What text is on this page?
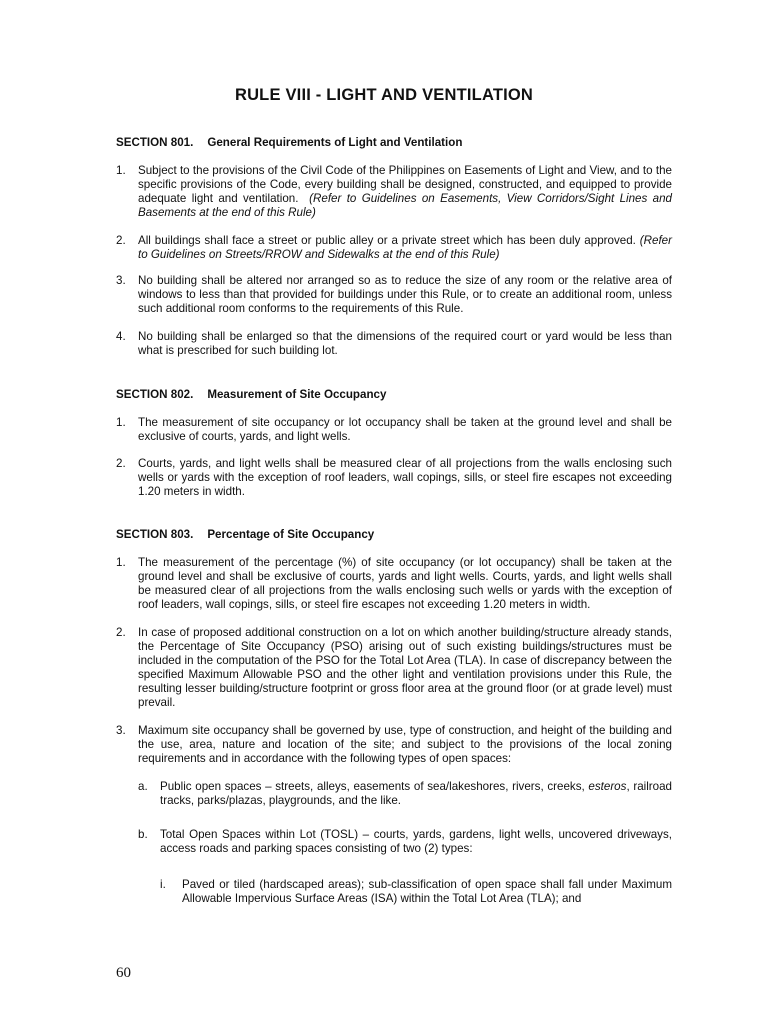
RULE VIII - LIGHT AND VENTILATION
SECTION 801. General Requirements of Light and Ventilation
1. Subject to the provisions of the Civil Code of the Philippines on Easements of Light and View, and to the specific provisions of the Code, every building shall be designed, constructed, and equipped to provide adequate light and ventilation. (Refer to Guidelines on Easements, View Corridors/Sight Lines and Basements at the end of this Rule)
2. All buildings shall face a street or public alley or a private street which has been duly approved. (Refer to Guidelines on Streets/RROW and Sidewalks at the end of this Rule)
3. No building shall be altered nor arranged so as to reduce the size of any room or the relative area of windows to less than that provided for buildings under this Rule, or to create an additional room, unless such additional room conforms to the requirements of this Rule.
4. No building shall be enlarged so that the dimensions of the required court or yard would be less than what is prescribed for such building lot.
SECTION 802. Measurement of Site Occupancy
1. The measurement of site occupancy or lot occupancy shall be taken at the ground level and shall be exclusive of courts, yards, and light wells.
2. Courts, yards, and light wells shall be measured clear of all projections from the walls enclosing such wells or yards with the exception of roof leaders, wall copings, sills, or steel fire escapes not exceeding 1.20 meters in width.
SECTION 803. Percentage of Site Occupancy
1. The measurement of the percentage (%) of site occupancy (or lot occupancy) shall be taken at the ground level and shall be exclusive of courts, yards and light wells. Courts, yards, and light wells shall be measured clear of all projections from the walls enclosing such wells or yards with the exception of roof leaders, wall copings, sills, or steel fire escapes not exceeding 1.20 meters in width.
2. In case of proposed additional construction on a lot on which another building/structure already stands, the Percentage of Site Occupancy (PSO) arising out of such existing buildings/structures must be included in the computation of the PSO for the Total Lot Area (TLA). In case of discrepancy between the specified Maximum Allowable PSO and the other light and ventilation provisions under this Rule, the resulting lesser building/structure footprint or gross floor area at the ground floor (or at grade level) must prevail.
3. Maximum site occupancy shall be governed by use, type of construction, and height of the building and the use, area, nature and location of the site; and subject to the provisions of the local zoning requirements and in accordance with the following types of open spaces:
a. Public open spaces – streets, alleys, easements of sea/lakeshores, rivers, creeks, esteros, railroad tracks, parks/plazas, playgrounds, and the like.
b. Total Open Spaces within Lot (TOSL) – courts, yards, gardens, light wells, uncovered driveways, access roads and parking spaces consisting of two (2) types:
i. Paved or tiled (hardscaped areas); sub-classification of open space shall fall under Maximum Allowable Impervious Surface Areas (ISA) within the Total Lot Area (TLA); and
60
